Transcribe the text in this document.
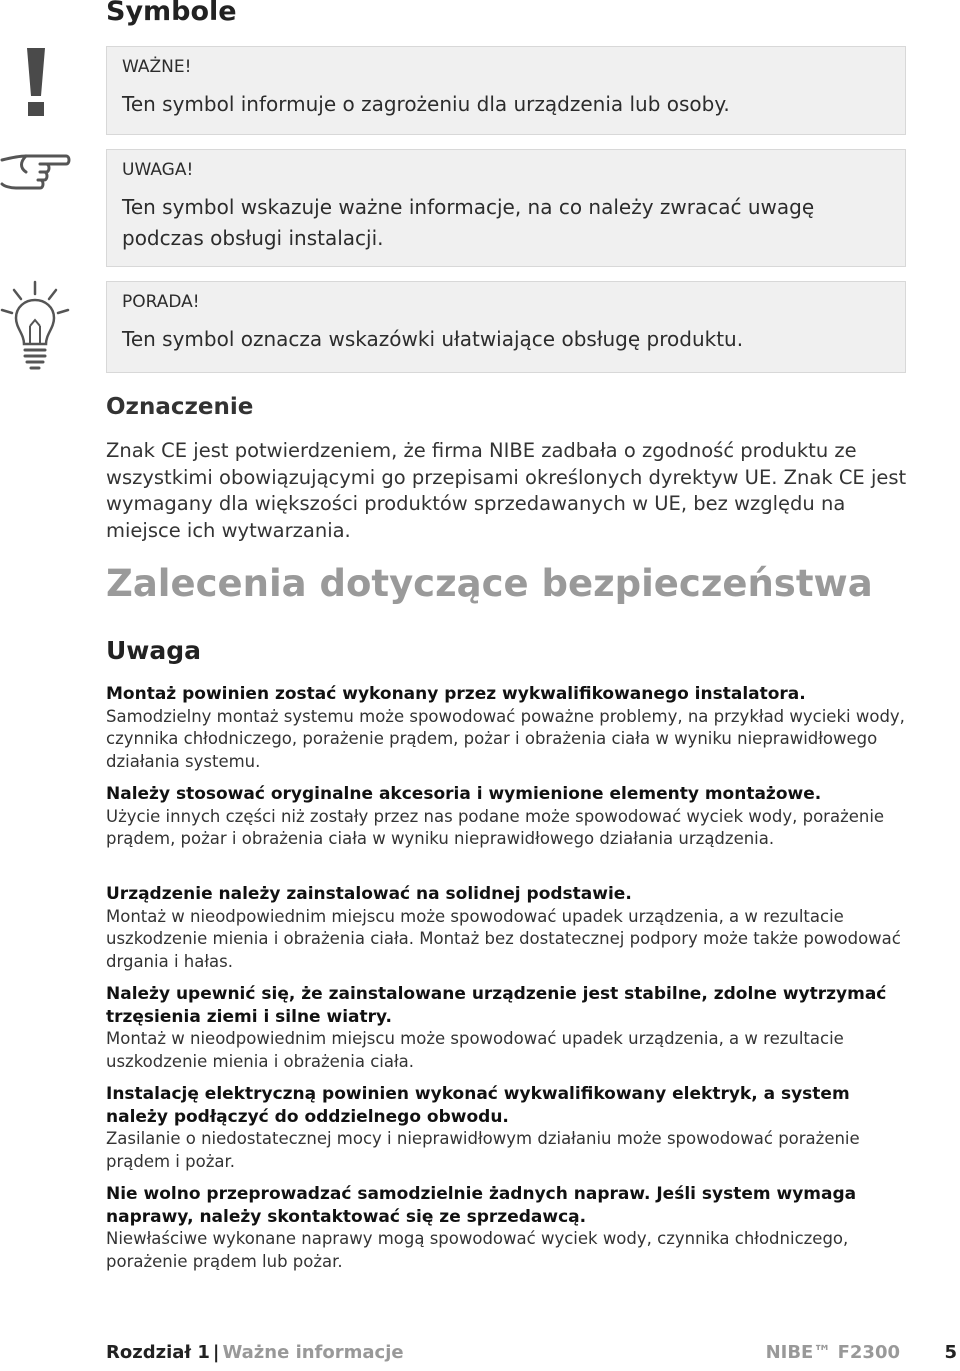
Symbole
WAŻNE!
Ten symbol informuje o zagrożeniu dla urządzenia lub osoby.
UWAGA!
Ten symbol wskazuje ważne informacje, na co należy zwracać uwagę podczas obsługi instalacji.
PORADA!
Ten symbol oznacza wskazówki ułatwiające obsługę produktu.
Oznaczenie

Znak CE jest potwierdzeniem, że firma NIBE zadbała o zgodność produktu ze wszystkimi obowiązującymi go przepisami określonych dyrektyw UE. Znak CE jest wymagany dla większości produktów sprzedawanych w UE, bez względu na miejsce ich wytwarzania.

Zalecenia dotyczące bezpieczeństwa
Uwaga

Montaż powinien zostać wykonany przez wykwalifikowanego instalatora.
Samodzielny montaż systemu może spowodować poważne problemy, na przykład wycieki wody, czynnika chłodniczego, porażenie prądem, pożar i obrażenia ciała w wyniku nieprawidłowego działania systemu.

Należy stosować oryginalne akcesoria i wymienione elementy montażowe.
Użycie innych części niż zostały przez nas podane może spowodować wyciek wody, porażenie prądem, pożar i obrażenia ciała w wyniku nieprawidłowego działania urządzenia.

Urządzenie należy zainstalować na solidnej podstawie.
Montaż w nieodpowiednim miejscu może spowodować upadek urządzenia, a w rezultacie uszkodzenie mienia i obrażenia ciała. Montaż bez dostatecznej podpory może także powodować drgania i hałas.

Należy upewnić się, że zainstalowane urządzenie jest stabilne, zdolne wytrzymać trzęsienia ziemi i silne wiatry.
Montaż w nieodpowiednim miejscu może spowodować upadek urządzenia, a w rezultacie uszkodzenie mienia i obrażenia ciała.

Instalację elektryczną powinien wykonać wykwalifikowany elektryk, a system należy podłączyć do oddzielnego obwodu.
Zasilanie o niedostatecznej mocy i nieprawidłowym działaniu może spowodować porażenie prądem i pożar.

Nie wolno przeprowadzać samodzielnie żadnych napraw. Jeśli system wymaga naprawy, należy skontaktować się ze sprzedawcą.
Niewłaściwe wykonane naprawy mogą spowodować wyciek wody, czynnika chłodniczego, porażenie prądem lub pożar.

Rozdział 1 | Ważne informacje	NIBE™ F2300 5
